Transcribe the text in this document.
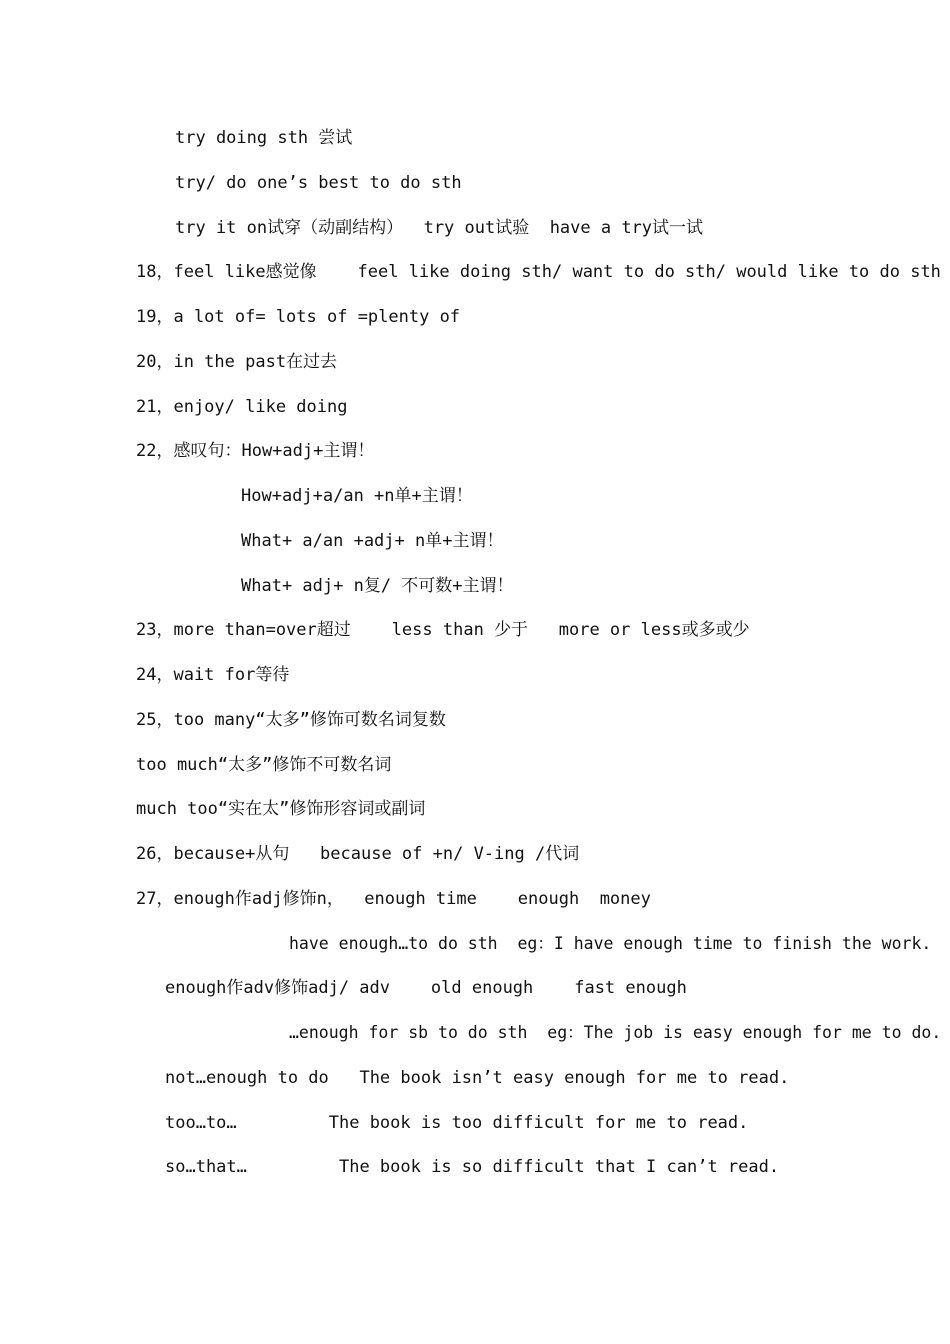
try doing sth 尝试
try/ do one’s best to do sth
try it on试穿（动副结构）  try out试验  have a try试一试
18，feel like感觉像    feel like doing sth/ want to do sth/ would like to do sth
19，a lot of= lots of =plenty of
20，in the past在过去
21，enjoy/ like doing
22，感叹句：How+adj+主谓！
How+adj+a/an +n单+主谓！
What+ a/an +adj+ n单+主谓！
What+ adj+ n复/ 不可数+主谓！
23，more than=over超过    less than 少于   more or less或多或少
24，wait for等待
25，too many“太多”修饰可数名词复数
too much“太多”修饰不可数名词
much too“实在太”修饰形容词或副词
26，because+从句   because of +n/ V-ing /代词
27，enough作adj修饰n，  enough time    enough  money
have enough…to do sth  eg：I have enough time to finish the work.
enough作adv修饰adj/ adv    old enough    fast enough
…enough for sb to do sth  eg：The job is easy enough for me to do.
not…enough to do   The book isn’t easy enough for me to read.
too…to…         The book is too difficult for me to read.
so…that…         The book is so difficult that I can’t read.
